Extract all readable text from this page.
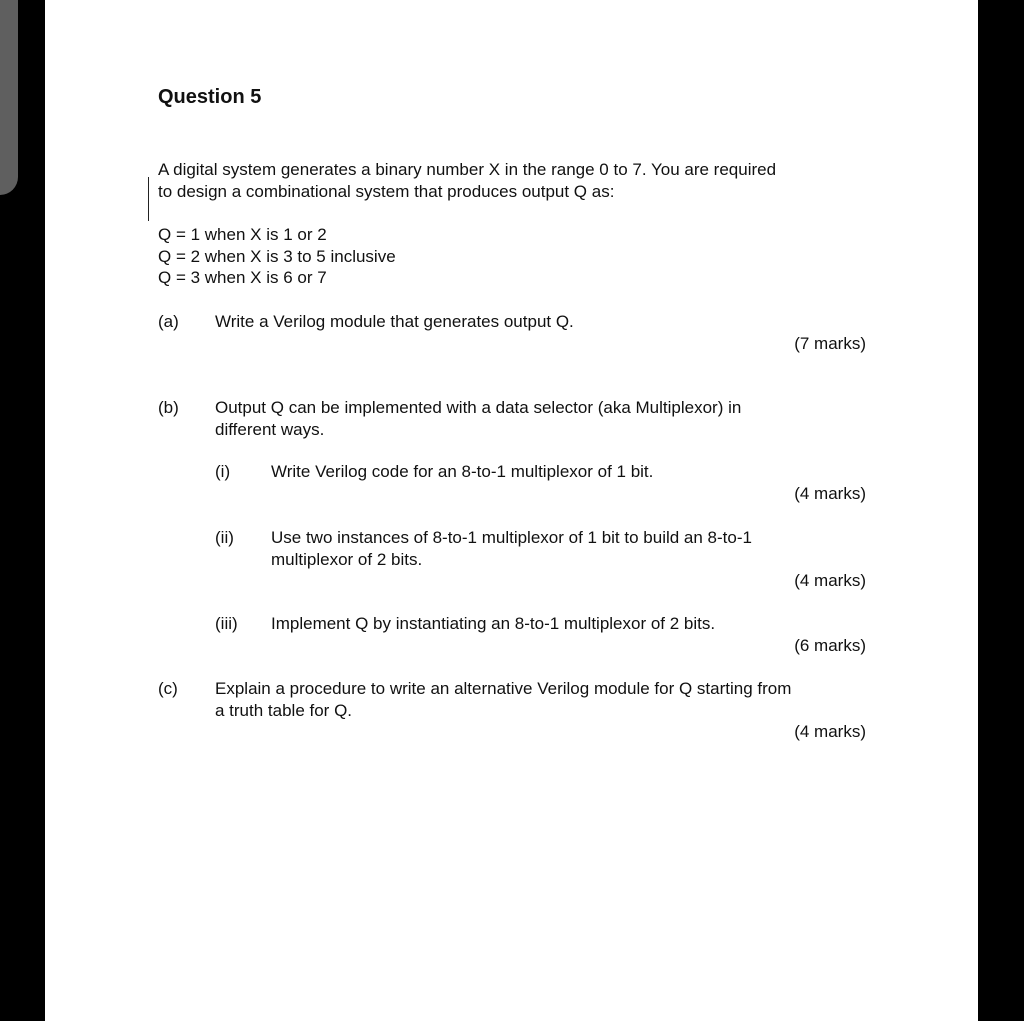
Question 5
A digital system generates a binary number X in the range 0 to 7. You are required
to design a combinational system that produces output Q as:
Q = 1 when X is 1 or 2
Q = 2 when X is 3 to 5 inclusive
Q = 3 when X is 6 or 7
(a) Write a Verilog module that generates output Q.
(7 marks)
(b) Output Q can be implemented with a data selector (aka Multiplexor) in
different ways.
(i) Write Verilog code for an 8-to-1 multiplexor of 1 bit.
(4 marks)
(ii) Use two instances of 8-to-1 multiplexor of 1 bit to build an 8-to-1
multiplexor of 2 bits.
(4 marks)
(iii) Implement Q by instantiating an 8-to-1 multiplexor of 2 bits.
(6 marks)
(c) Explain a procedure to write an alternative Verilog module for Q starting from
a truth table for Q.
(4 marks)
